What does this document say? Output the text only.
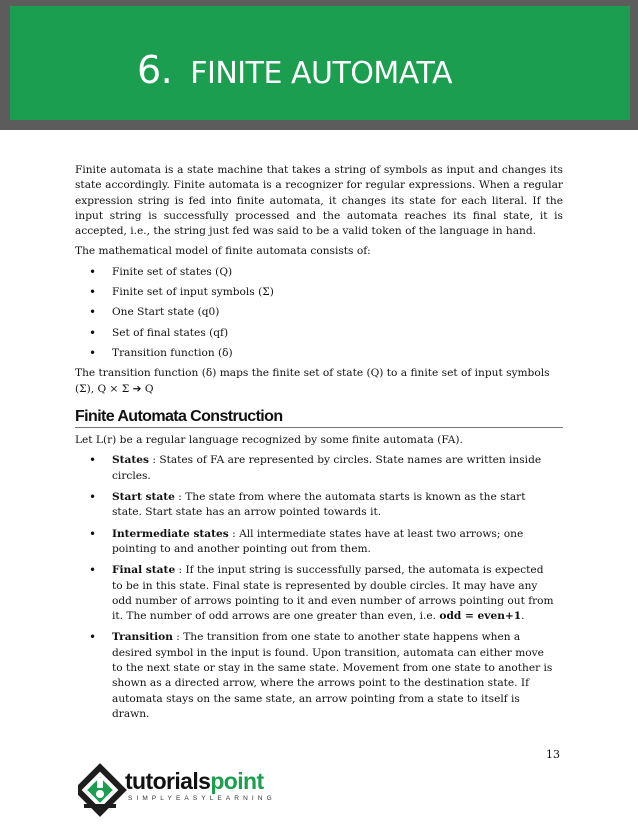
6. FINITE AUTOMATA

Finite automata is a state machine that takes a string of symbols as input and changes its state accordingly. Finite automata is a recognizer for regular expressions. When a regular expression string is fed into finite automata, it changes its state for each literal. If the input string is successfully processed and the automata reaches its final state, it is accepted, i.e., the string just fed was said to be a valid token of the language in hand.

The mathematical model of finite automata consists of:

• Finite set of states (Q)
• Finite set of input symbols (Σ)
• One Start state (q0)
• Set of final states (qf)
• Transition function (δ)

The transition function (δ) maps the finite set of state (Q) to a finite set of input symbols (Σ), Q × Σ ➔ Q

Finite Automata Construction

Let L(r) be a regular language recognized by some finite automata (FA).

• States : States of FA are represented by circles. State names are written inside circles.
• Start state : The state from where the automata starts is known as the start state. Start state has an arrow pointed towards it.
• Intermediate states : All intermediate states have at least two arrows; one pointing to and another pointing out from them.
• Final state : If the input string is successfully parsed, the automata is expected to be in this state. Final state is represented by double circles. It may have any odd number of arrows pointing to it and even number of arrows pointing out from it. The number of odd arrows are one greater than even, i.e. odd = even+1.
• Transition : The transition from one state to another state happens when a desired symbol in the input is found. Upon transition, automata can either move to the next state or stay in the same state. Movement from one state to another is shown as a directed arrow, where the arrows point to the destination state. If automata stays on the same state, an arrow pointing from a state to itself is drawn.
13
tutorialspoint
SIMPLYEASYLEARNING
